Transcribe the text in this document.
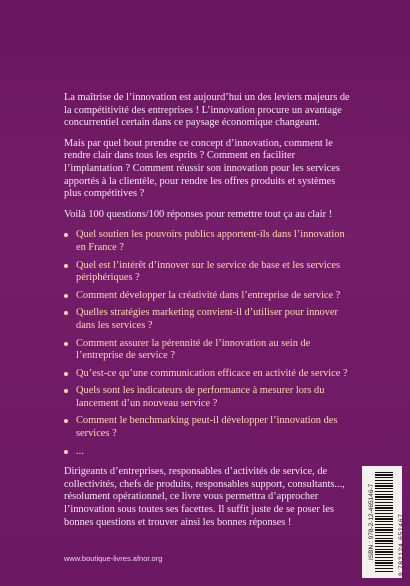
La maîtrise de l’innovation est aujourd’hui un des leviers majeurs de la compétitivité des entreprises ! L’innovation procure un avantage concurrentiel certain dans ce paysage économique changeant.

Mais par quel bout prendre ce concept d’innovation, comment le rendre clair dans tous les esprits ? Comment en faciliter l’implantation ? Comment réussir son innovation pour les services apportés à la clientèle, pour rendre les offres produits et systèmes plus compétitives ?

Voilà 100 questions/100 réponses pour remettre tout ça au clair !

Quel soutien les pouvoirs publics apportent-ils dans l’innovation en France ?
Quel est l’intérêt d’innover sur le service de base et les services périphériques ?
Comment développer la créativité dans l’entreprise de service ?
Quelles stratégies marketing convient-il d’utiliser pour innover dans les services ?
Comment assurer la pérennité de l’innovation au sein de l’entreprise de service ?
Qu’est-ce qu’une communication efficace en activité de service ?
Quels sont les indicateurs de performance à mesurer lors du lancement d’un nouveau service ?
Comment le benchmarking peut-il développer l’innovation des services ?
...

Dirigeants d’entreprises, responsables d’activités de service, de collectivités, chefs de produits, responsables support, consultants..., résolument opérationnel, ce livre vous permettra d’approcher l’innovation sous toutes ses facettes. Il suffit juste de se poser les bonnes questions et trouver ainsi les bonnes réponses !

www.boutique-livres.afnor.org	ISBN : 978-2-12-465146-7	9 782124 651467
